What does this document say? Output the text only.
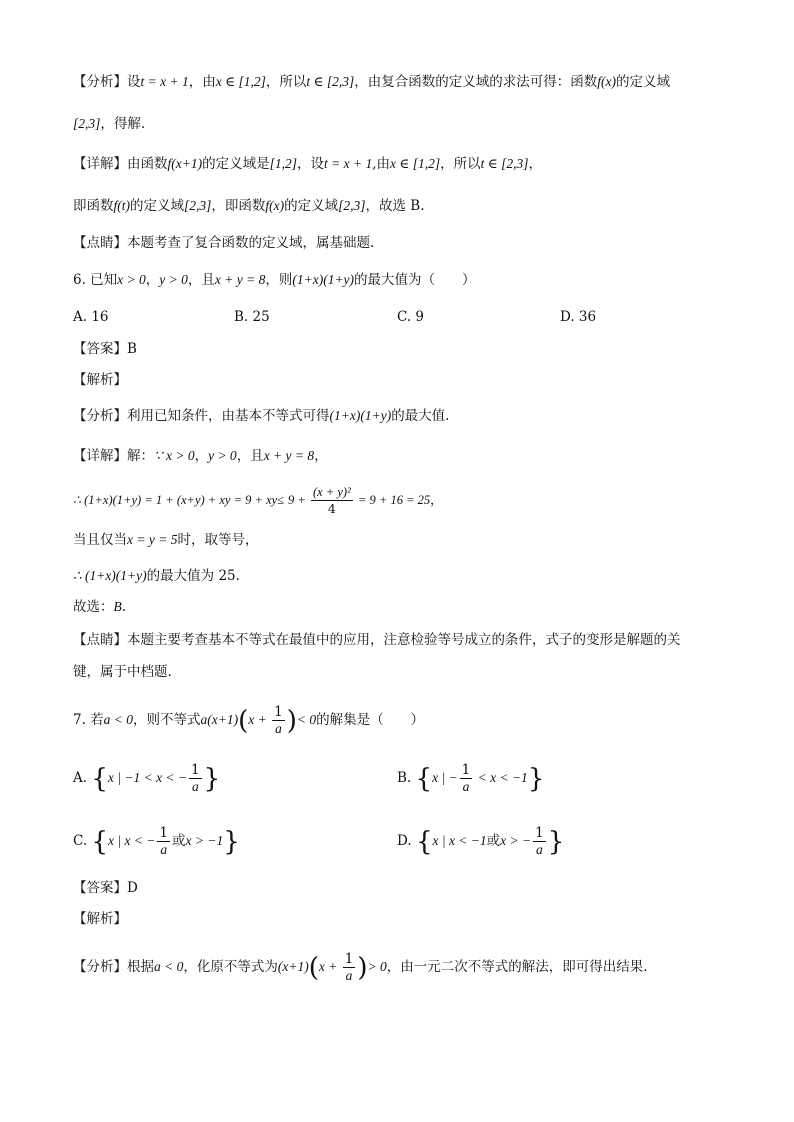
【分析】设t = x + 1，由x ∈ [1,2]，所以t ∈ [2,3]，由复合函数的定义域的求法可得：函数f(x)的定义域
[2,3]，得解.
【详解】由函数f(x+1)的定义域是[1,2]，设t = x + 1,由x ∈ [1,2]，所以t ∈ [2,3]，
即函数f(t)的定义域[2,3]，即函数f(x)的定义域[2,3]，故选 B.
【点睛】本题考查了复合函数的定义域，属基础题.
6. 已知x > 0，y > 0，且x + y = 8，则(1+x)(1+y)的最大值为（　　）
A. 16	B. 25	C. 9	D. 36
【答案】B
【解析】
【分析】利用已知条件，由基本不等式可得(1+x)(1+y)的最大值.
【详解】解：∵ x > 0，y > 0，且x + y = 8，
∴ (1+x)(1+y) = 1 + (x+y) + xy = $9 + xy\le 9 + \frac{\text{(x + y)²}}{4} = 9 + 16 = 25$，
当且仅当x = y = 5时，取等号，
∴ (1+x)(1+y)的最大值为 25.
故选：B.
【点睛】本题主要考查基本不等式在最值中的应用，注意检验等号成立的条件，式子的变形是解题的关
键，属于中档题.
7. 若a < 0，则不等式$a(x+1)(x + \frac{1}{a}$ )< 0的解集是（　　）
A. {x | −1 < x < − $\frac{1}{a}$ }	B. {x | − $\frac{1}{a} < x < -1$}
C. {x | x < − $\frac{1}{a}$ 或x > −1}	D. {x | x < −1或x > − $\frac{1}{a}$ }
【答案】D
【解析】
【分析】根据a < 0，化原不等式为$(x+1)(x + \frac{1}{a}$ )> 0，由一元二次不等式的解法，即可得出结果.
